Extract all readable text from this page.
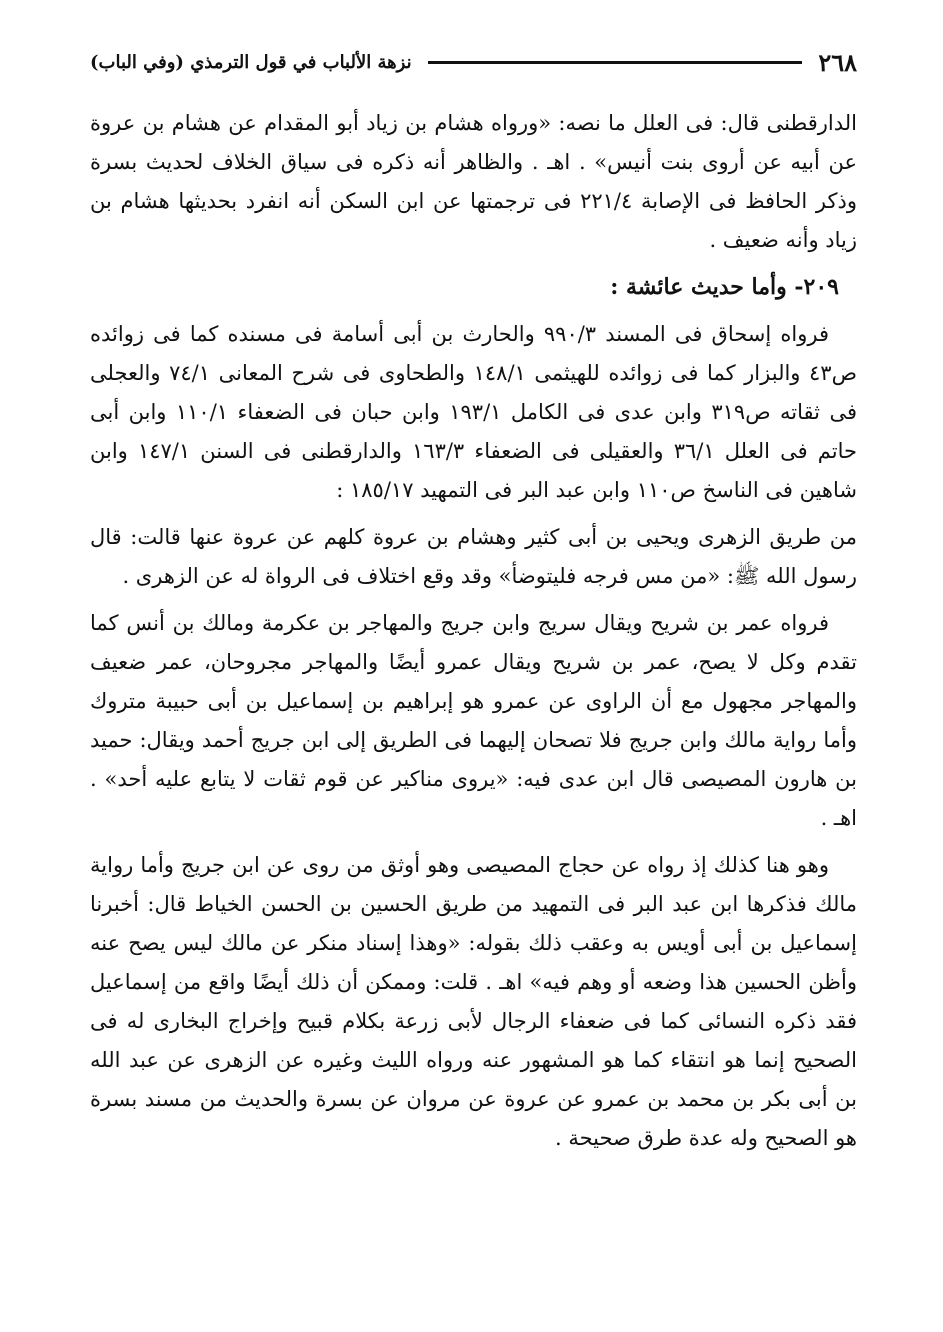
٢٦٨
نزهة الألباب في قول الترمذي (وفي الباب)

الدارقطنى قال: فى العلل ما نصه: «ورواه هشام بن زياد أبو المقدام عن هشام بن عروة عن أبيه عن أروى بنت أنيس» . اهـ . والظاهر أنه ذكره فى سياق الخلاف لحديث بسرة وذكر الحافظ فى الإصابة ٢٢١/٤ فى ترجمتها عن ابن السكن أنه انفرد بحديثها هشام بن زياد وأنه ضعيف .

٢٠٩- وأما حديث عائشة :

فرواه إسحاق فى المسند ٩٩٠/٣ والحارث بن أبى أسامة فى مسنده كما فى زوائده ص٤٣ والبزار كما فى زوائده للهيثمى ١٤٨/١ والطحاوى فى شرح المعانى ٧٤/١ والعجلى فى ثقاته ص٣١٩ وابن عدى فى الكامل ١٩٣/١ وابن حبان فى الضعفاء ١١٠/١ وابن أبى حاتم فى العلل ٣٦/١ والعقيلى فى الضعفاء ١٦٣/٣ والدارقطنى فى السنن ١٤٧/١ وابن شاهين فى الناسخ ص١١٠ وابن عبد البر فى التمهيد ١٨٥/١٧ :

من طريق الزهرى ويحيى بن أبى كثير وهشام بن عروة كلهم عن عروة عنها قالت: قال رسول الله ﷺ: «من مس فرجه فليتوضأ» وقد وقع اختلاف فى الرواة له عن الزهرى .

فرواه عمر بن شريح ويقال سريج وابن جريج والمهاجر بن عكرمة ومالك بن أنس كما تقدم وكل لا يصح، عمر بن شريح ويقال عمرو أيضًا والمهاجر مجروحان، عمر ضعيف والمهاجر مجهول مع أن الراوى عن عمرو هو إبراهيم بن إسماعيل بن أبى حبيبة متروك وأما رواية مالك وابن جريج فلا تصحان إليهما فى الطريق إلى ابن جريج أحمد ويقال: حميد بن هارون المصيصى قال ابن عدى فيه: «يروى مناكير عن قوم ثقات لا يتابع عليه أحد» . اهـ .

وهو هنا كذلك إذ رواه عن حجاج المصيصى وهو أوثق من روى عن ابن جريج وأما رواية مالك فذكرها ابن عبد البر فى التمهيد من طريق الحسين بن الحسن الخياط قال: أخبرنا إسماعيل بن أبى أويس به وعقب ذلك بقوله: «وهذا إسناد منكر عن مالك ليس يصح عنه وأظن الحسين هذا وضعه أو وهم فيه» اهـ . قلت: وممكن أن ذلك أيضًا واقع من إسماعيل فقد ذكره النسائى كما فى ضعفاء الرجال لأبى زرعة بكلام قبيح وإخراج البخارى له فى الصحيح إنما هو انتقاء كما هو المشهور عنه ورواه الليث وغيره عن الزهرى عن عبد الله بن أبى بكر بن محمد بن عمرو عن عروة عن مروان عن بسرة والحديث من مسند بسرة هو الصحيح وله عدة طرق صحيحة .
